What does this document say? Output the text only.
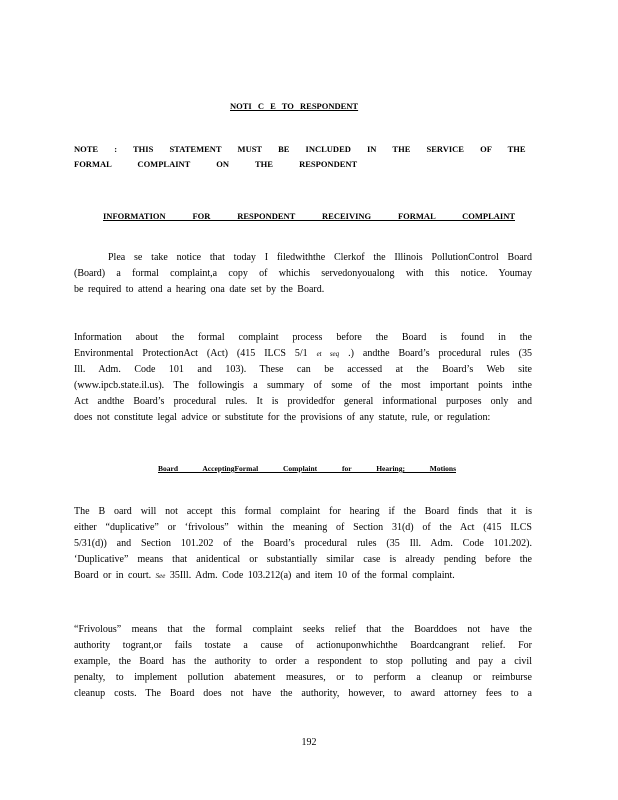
NOTI C E TO RESPONDENT
NOTE : THIS STATEMENT MUST BE INCLUDED IN THE SERVICE OF THE
FORMAL COMPLAINT ON THE RESPONDENT
INFORMATION FOR RESPONDENT RECEIVING FORMAL COMPLAINT
Plea se take notice that today I filedwiththe Clerkof the Illinois PollutionControl Board
(Board) a formal complaint,a copy of whichis servedonyoualong with this notice. Youmay
be required to attend a hearing ona date set by the Board.
Information about the formal complaint process before the Board is found in the
Environmental ProtectionAct (Act) (415 ILCS 5/1 et seq .) andthe Board’s procedural rules (35
Ill. Adm. Code 101 and 103). These can be accessed at the Board’s Web site
(www.ipcb.state.il.us). The followingis a summary of some of the most important points inthe
Act andthe Board’s procedural rules. It is providedfor general informational purposes only and
does not constitute legal advice or substitute for the provisions of any statute, rule, or regulation:
Board AcceptingFormal Complaint for Hearing; Motions
The B oard will not accept this formal complaint for hearing if the Board finds that it is
either “duplicative” or ‘frivolous” within the meaning of Section 31(d) of the Act (415 ILCS
5/31(d)) and Section 101.202 of the Board’s procedural rules (35 Ill. Adm. Code 101.202).
‘Duplicative” means that anidentical or substantially similar case is already pending before the
Board or in court. See 35Ill. Adm. Code 103.212(a) and item 10 of the formal complaint.
“Frivolous” means that the formal complaint seeks relief that the Boarddoes not have the
authority togrant,or fails tostate a cause of actionuponwhichthe Boardcangrant relief. For
example, the Board has the authority to order a respondent to stop polluting and pay a civil
penalty, to implement pollution abatement measures, or to perform a cleanup or reimburse
cleanup costs. The Board does not have the authority, however, to award attorney fees to a
192
